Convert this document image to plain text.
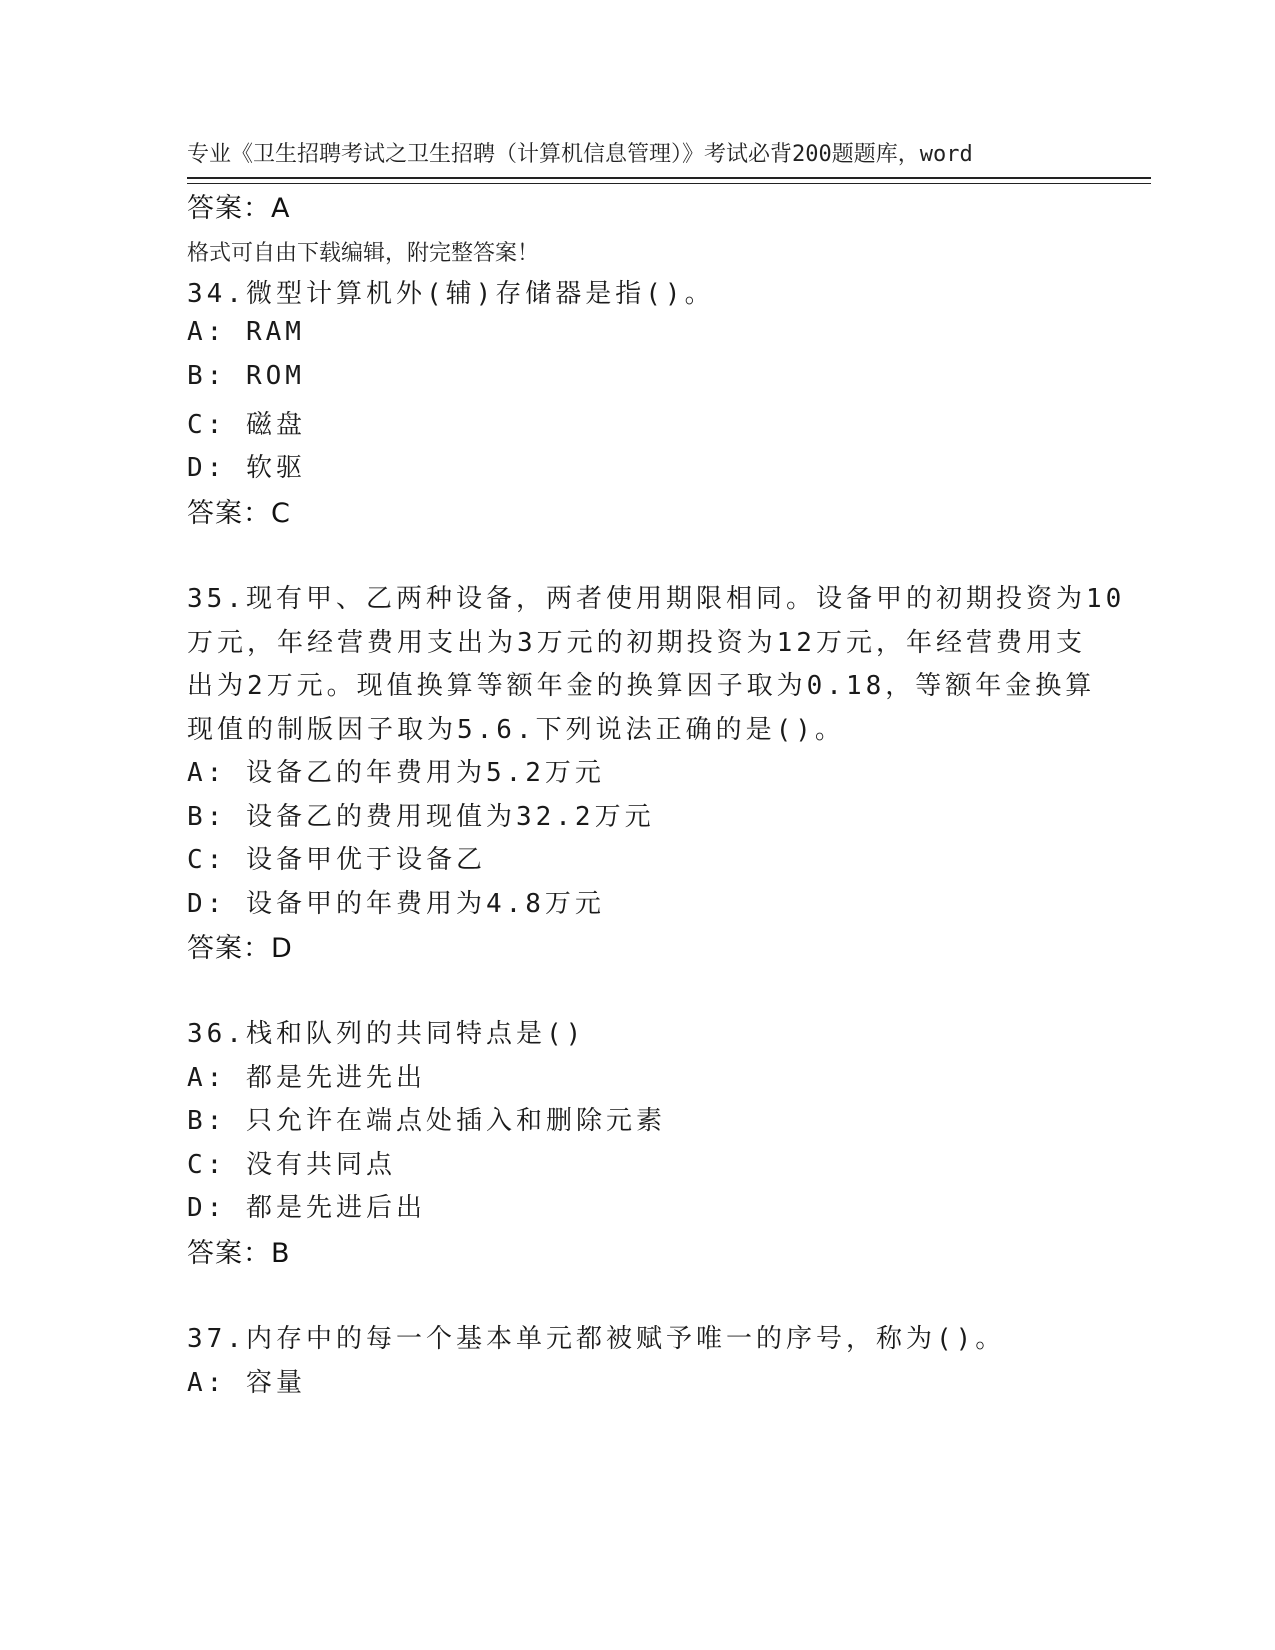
专业《卫生招聘考试之卫生招聘（计算机信息管理）》考试必背200题题库，word

格式可自由下载编辑，附完整答案！

答案：A
34.微型计算机外(辅)存储器是指()。
A: RAM
B: ROM
C: 磁盘
D: 软驱
答案：C
35.现有甲、乙两种设备，两者使用期限相同。设备甲的初期投资为10
万元，年经营费用支出为3万元的初期投资为12万元，年经营费用支
出为2万元。现值换算等额年金的换算因子取为0.18，等额年金换算
现值的制版因子取为5.6.下列说法正确的是()。
A: 设备乙的年费用为5.2万元
B: 设备乙的费用现值为32.2万元
C: 设备甲优于设备乙
D: 设备甲的年费用为4.8万元
答案：D
36.栈和队列的共同特点是()
A: 都是先进先出
B: 只允许在端点处插入和删除元素
C: 没有共同点
D: 都是先进后出
答案：B
37.内存中的每一个基本单元都被赋予唯一的序号，称为()。
A: 容量
